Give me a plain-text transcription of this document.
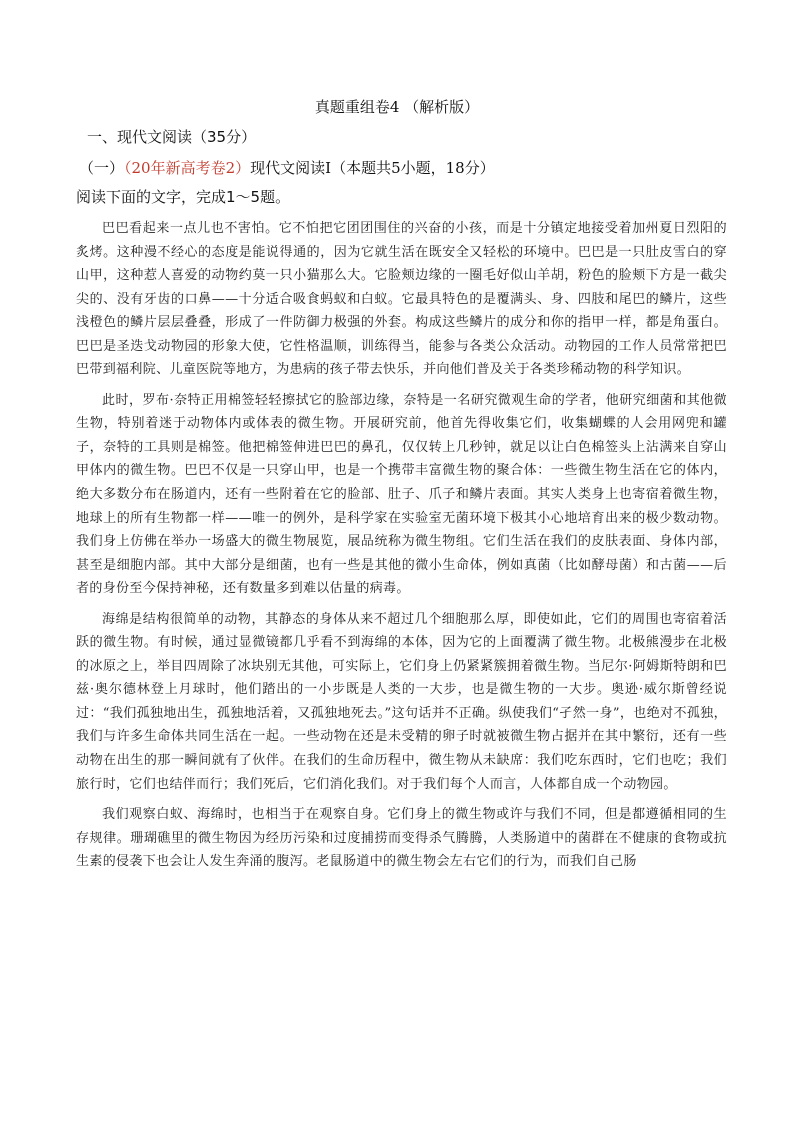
真题重组卷4 （解析版）
一、现代文阅读（35分）
（一）（20年新高考卷2）现代文阅读Ⅰ（本题共5小题，18分）
阅读下面的文字，完成1～5题。

巴巴看起来一点儿也不害怕。它不怕把它团团围住的兴奋的小孩，而是十分镇定地接受着加州夏日烈阳的炙烤。这种漫不经心的态度是能说得通的，因为它就生活在既安全又轻松的环境中。巴巴是一只肚皮雪白的穿山甲，这种惹人喜爱的动物约莫一只小猫那么大。它脸颊边缘的一圈毛好似山羊胡，粉色的脸颊下方是一截尖尖的、没有牙齿的口鼻——十分适合吸食蚂蚁和白蚁。它最具特色的是覆满头、身、四肢和尾巴的鳞片，这些浅橙色的鳞片层层叠叠，形成了一件防御力极强的外套。构成这些鳞片的成分和你的指甲一样，都是角蛋白。巴巴是圣迭戈动物园的形象大使，它性格温顺，训练得当，能参与各类公众活动。动物园的工作人员常常把巴巴带到福利院、儿童医院等地方，为患病的孩子带去快乐，并向他们普及关于各类珍稀动物的科学知识。

此时，罗布·奈特正用棉签轻轻擦拭它的脸部边缘，奈特是一名研究微观生命的学者，他研究细菌和其他微生物，特别着迷于动物体内或体表的微生物。开展研究前，他首先得收集它们，收集蝴蝶的人会用网兜和罐子，奈特的工具则是棉签。他把棉签伸进巴巴的鼻孔，仅仅转上几秒钟，就足以让白色棉签头上沾满来自穿山甲体内的微生物。巴巴不仅是一只穿山甲，也是一个携带丰富微生物的聚合体：一些微生物生活在它的体内，绝大多数分布在肠道内，还有一些附着在它的脸部、肚子、爪子和鳞片表面。其实人类身上也寄宿着微生物，地球上的所有生物都一样——唯一的例外，是科学家在实验室无菌环境下极其小心地培育出来的极少数动物。我们身上仿佛在举办一场盛大的微生物展览，展品统称为微生物组。它们生活在我们的皮肤表面、身体内部，甚至是细胞内部。其中大部分是细菌，也有一些是其他的微小生命体，例如真菌（比如酵母菌）和古菌——后者的身份至今保持神秘，还有数量多到难以估量的病毒。

海绵是结构很简单的动物，其静态的身体从来不超过几个细胞那么厚，即使如此，它们的周围也寄宿着活跃的微生物。有时候，通过显微镜都几乎看不到海绵的本体，因为它的上面覆满了微生物。北极熊漫步在北极的冰原之上，举目四周除了冰块别无其他，可实际上，它们身上仍紧紧簇拥着微生物。当尼尔·阿姆斯特朗和巴兹·奥尔德林登上月球时，他们踏出的一小步既是人类的一大步，也是微生物的一大步。奥逊·威尔斯曾经说过：“我们孤独地出生，孤独地活着，又孤独地死去。”这句话并不正确。纵使我们“孑然一身”，也绝对不孤独，我们与许多生命体共同生活在一起。一些动物在还是未受精的卵子时就被微生物占据并在其中繁衍，还有一些动物在出生的那一瞬间就有了伙伴。在我们的生命历程中，微生物从未缺席：我们吃东西时，它们也吃；我们旅行时，它们也结伴而行；我们死后，它们消化我们。对于我们每个人而言，人体都自成一个动物园。

我们观察白蚁、海绵时，也相当于在观察自身。它们身上的微生物或许与我们不同，但是都遵循相同的生存规律。珊瑚礁里的微生物因为经历污染和过度捕捞而变得杀气腾腾，人类肠道中的菌群在不健康的食物或抗生素的侵袭下也会让人发生奔涌的腹泻。老鼠肠道中的微生物会左右它们的行为，而我们自己肠
